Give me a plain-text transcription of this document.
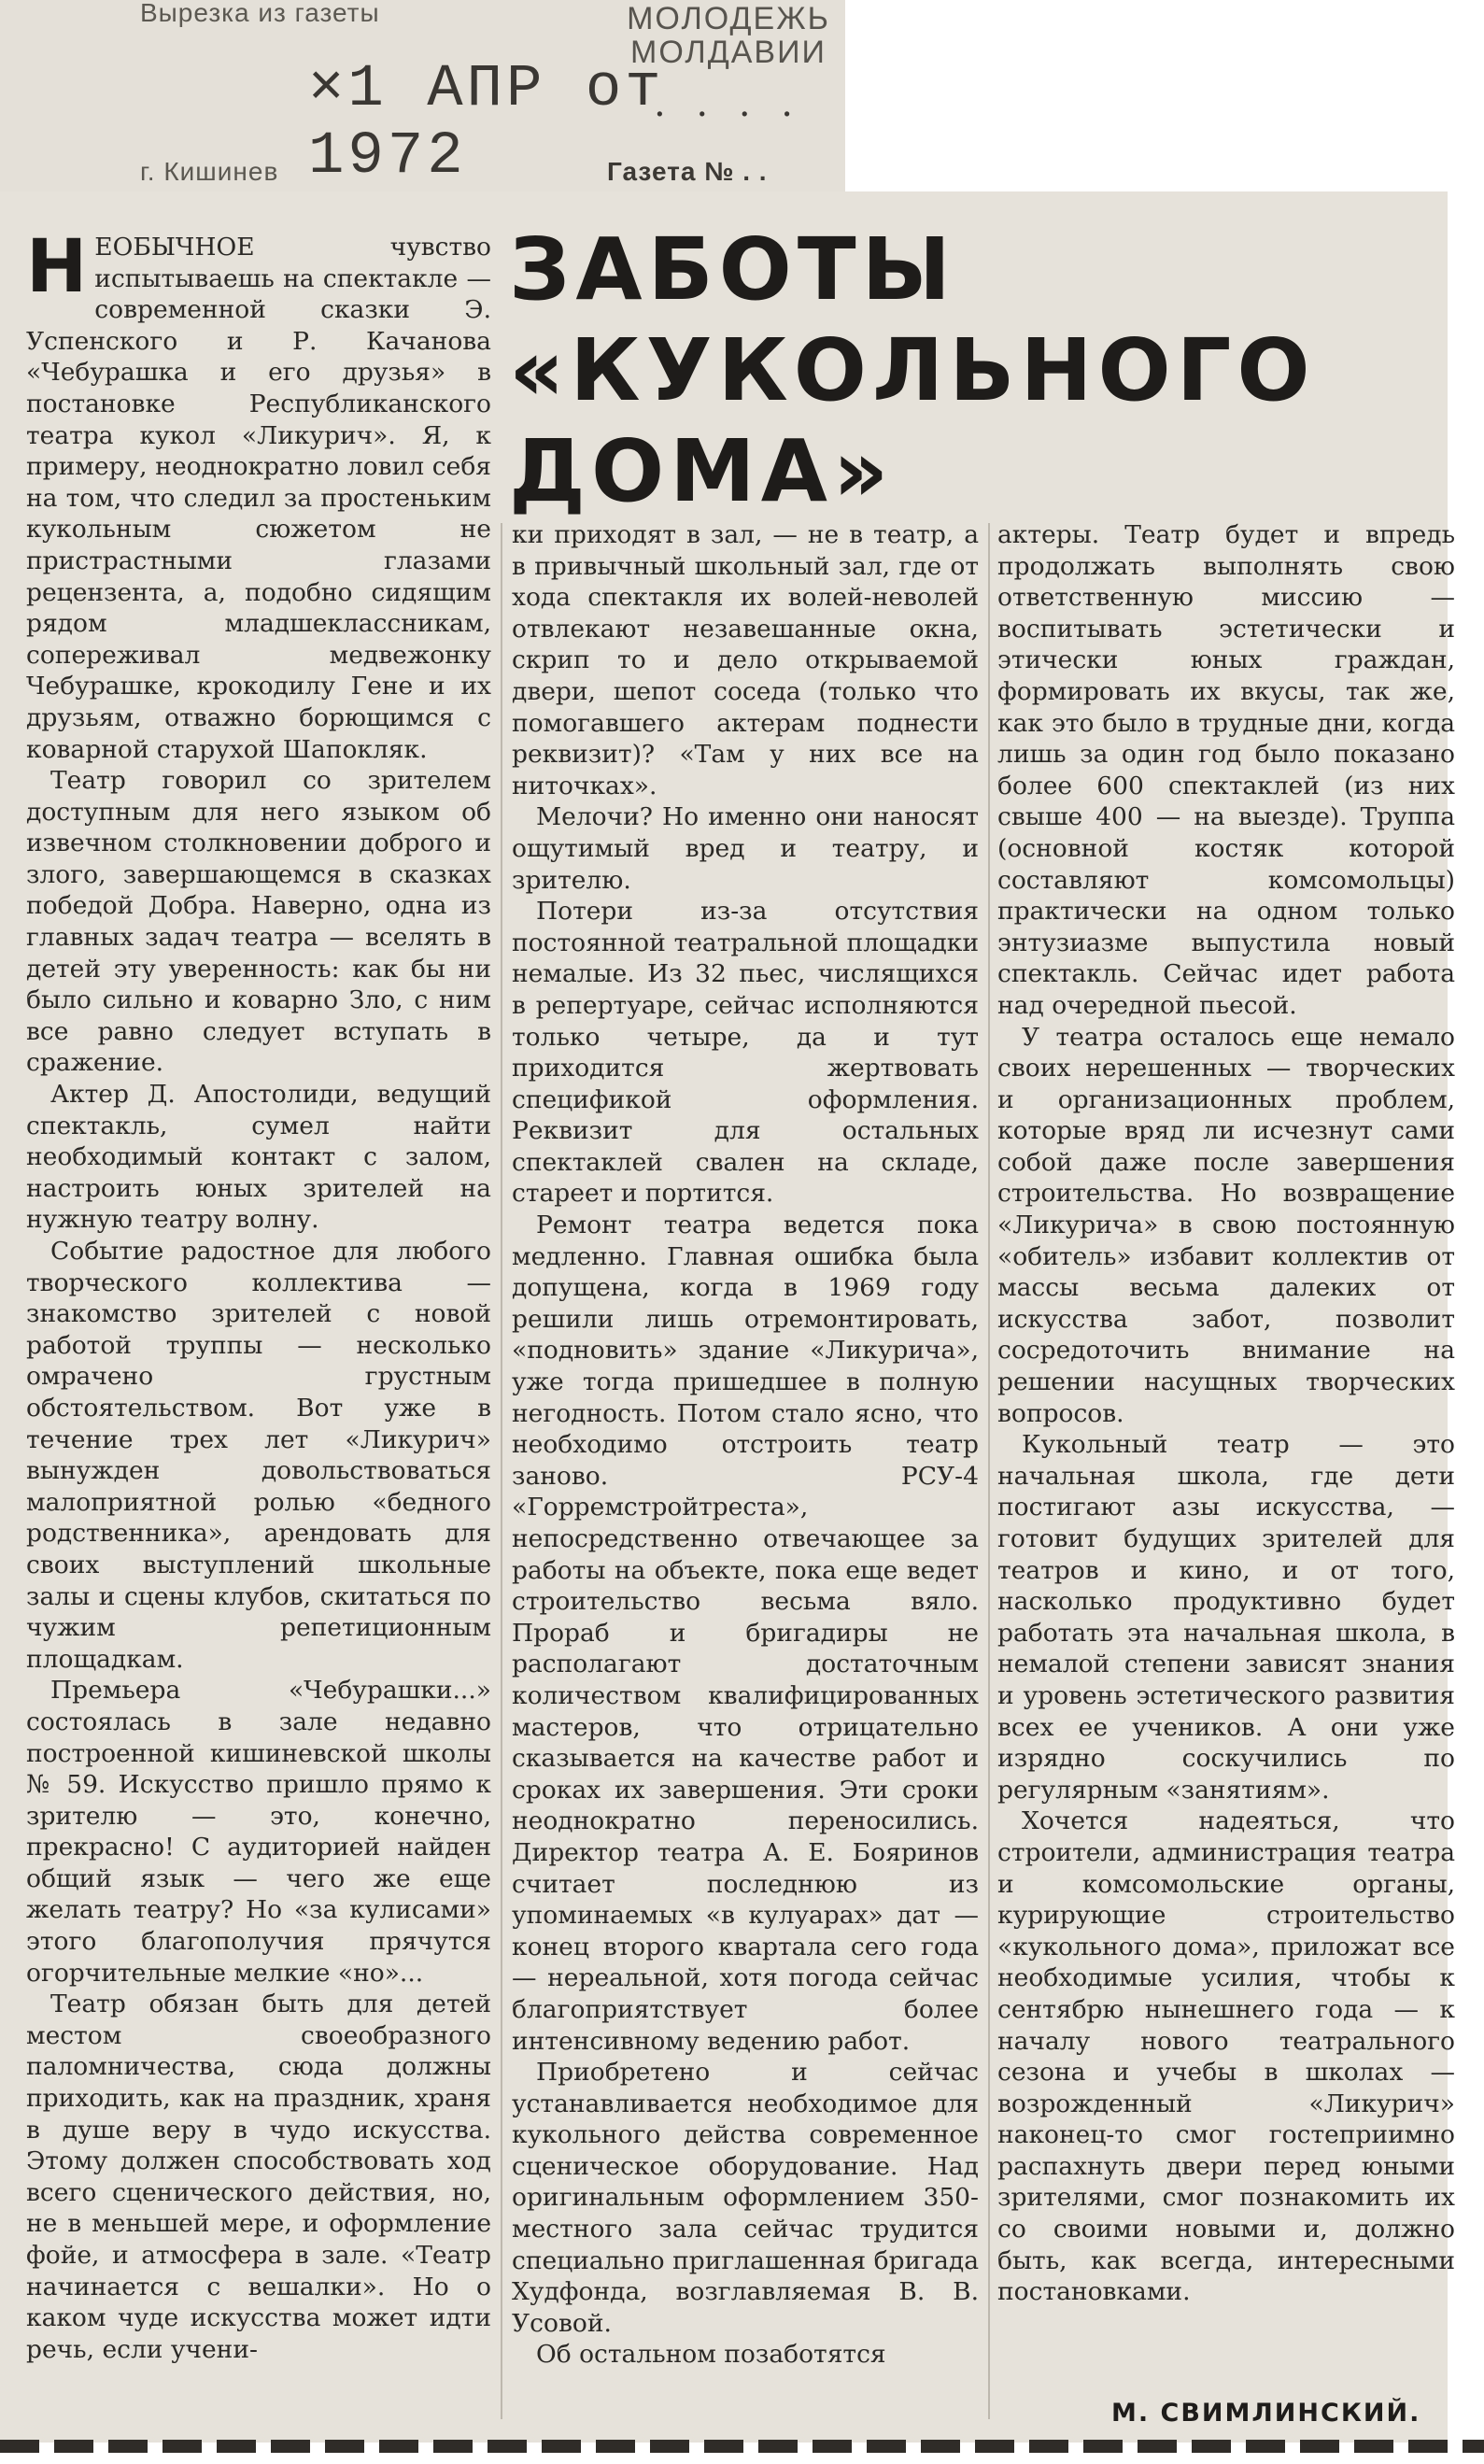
Вырезка из газеты	МОЛОДЕЖЬ МОЛДАВИИ
×1 АПР от 1972
. . . .
г. Кишинев	Газета № . .
ЗАБОТЫ «КУКОЛЬНОГО ДОМА»

НЕОБЫЧНОЕ чувство испытываешь на спектакле — современной сказки Э. Успенского и Р. Качанова «Чебурашка и его друзья» в постановке Республиканского театра кукол «Ликурич». Я, к примеру, неоднократно ловил себя на том, что следил за простеньким кукольным сюжетом не пристрастными глазами рецензента, а, подобно сидящим рядом младшеклассникам, сопереживал медвежонку Чебурашке, крокодилу Гене и их друзьям, отважно борющимся с коварной старухой Шапокляк.

Театр говорил со зрителем доступным для него языком об извечном столкновении доброго и злого, завершающемся в сказках победой Добра. Наверно, одна из главных задач театра — вселять в детей эту уверенность: как бы ни было сильно и коварно Зло, с ним все равно следует вступать в сражение.

Актер Д. Апостолиди, ведущий спектакль, сумел найти необходимый контакт с залом, настроить юных зрителей на нужную театру волну.

Событие радостное для любого творческого коллектива — знакомство зрителей с новой работой труппы — несколько омрачено грустным обстоятельством. Вот уже в течение трех лет «Ликурич» вынужден довольствоваться малоприятной ролью «бедного родственника», арендовать для своих выступлений школьные залы и сцены клубов, скитаться по чужим репетиционным площадкам.

Премьера «Чебурашки...» состоялась в зале недавно построенной кишиневской школы № 59. Искусство пришло прямо к зрителю — это, конечно, прекрасно! С аудиторией найден общий язык — чего же еще желать театру? Но «за кулисами» этого благополучия прячутся огорчительные мелкие «но»...

Театр обязан быть для детей местом своеобразного паломничества, сюда должны приходить, как на праздник, храня в душе веру в чудо искусства. Этому должен способствовать ход всего сценического действия, но, не в меньшей мере, и оформление фойе, и атмосфера в зале. «Театр начинается с вешалки». Но о каком чуде искусства может идти речь, если учени-

ки приходят в зал, — не в театр, а в привычный школьный зал, где от хода спектакля их волей-неволей отвлекают незавешанные окна, скрип то и дело открываемой двери, шепот соседа (только что помогавшего актерам поднести реквизит)? «Там у них все на ниточках».

Мелочи? Но именно они наносят ощутимый вред и театру, и зрителю.

Потери из-за отсутствия постоянной театральной площадки немалые. Из 32 пьес, числящихся в репертуаре, сейчас исполняются только четыре, да и тут приходится жертвовать спецификой оформления. Реквизит для остальных спектаклей свален на складе, стареет и портится.

Ремонт театра ведется пока медленно. Главная ошибка была допущена, когда в 1969 году решили лишь отремонтировать, «подновить» здание «Ликурича», уже тогда пришедшее в полную негодность. Потом стало ясно, что необходимо отстроить театр заново. РСУ-4 «Горремстройтреста», непосредственно отвечающее за работы на объекте, пока еще ведет строительство весьма вяло. Прораб и бригадиры не располагают достаточным количеством квалифицированных мастеров, что отрицательно сказывается на качестве работ и сроках их завершения. Эти сроки неоднократно переносились. Директор театра А. Е. Бояринов считает последнюю из упоминаемых «в кулуарах» дат — конец второго квартала сего года — нереальной, хотя погода сейчас благоприятствует более интенсивному ведению работ.

Приобретено и сейчас устанавливается необходимое для кукольного действа современное сценическое оборудование. Над оригинальным оформлением 350-местного зала сейчас трудится специально приглашенная бригада Худфонда, возглавляемая В. В. Усовой.

Об остальном позаботятся

актеры. Театр будет и впредь продолжать выполнять свою ответственную миссию — воспитывать эстетически и этически юных граждан, формировать их вкусы, так же, как это было в трудные дни, когда лишь за один год было показано более 600 спектаклей (из них свыше 400 — на выезде). Труппа (основной костяк которой составляют комсомольцы) практически на одном только энтузиазме выпустила новый спектакль. Сейчас идет работа над очередной пьесой.

У театра осталось еще немало своих нерешенных — творческих и организационных проблем, которые вряд ли исчезнут сами собой даже после завершения строительства. Но возвращение «Ликурича» в свою постоянную «обитель» избавит коллектив от массы весьма далеких от искусства забот, позволит сосредоточить внимание на решении насущных творческих вопросов.

Кукольный театр — это начальная школа, где дети постигают азы искусства, — готовит будущих зрителей для театров и кино, и от того, насколько продуктивно будет работать эта начальная школа, в немалой степени зависят знания и уровень эстетического развития всех ее учеников. А они уже изрядно соскучились по регулярным «занятиям».

Хочется надеяться, что строители, администрация театра и комсомольские органы, курирующие строительство «кукольного дома», приложат все необходимые усилия, чтобы к сентябрю нынешнего года — к началу нового театрального сезона и учебы в школах — возрожденный «Ликурич» наконец-то смог гостеприимно распахнуть двери перед юными зрителями, смог познакомить их со своими новыми и, должно быть, как всегда, интересными постановками.

М. СВИМЛИНСКИЙ.
